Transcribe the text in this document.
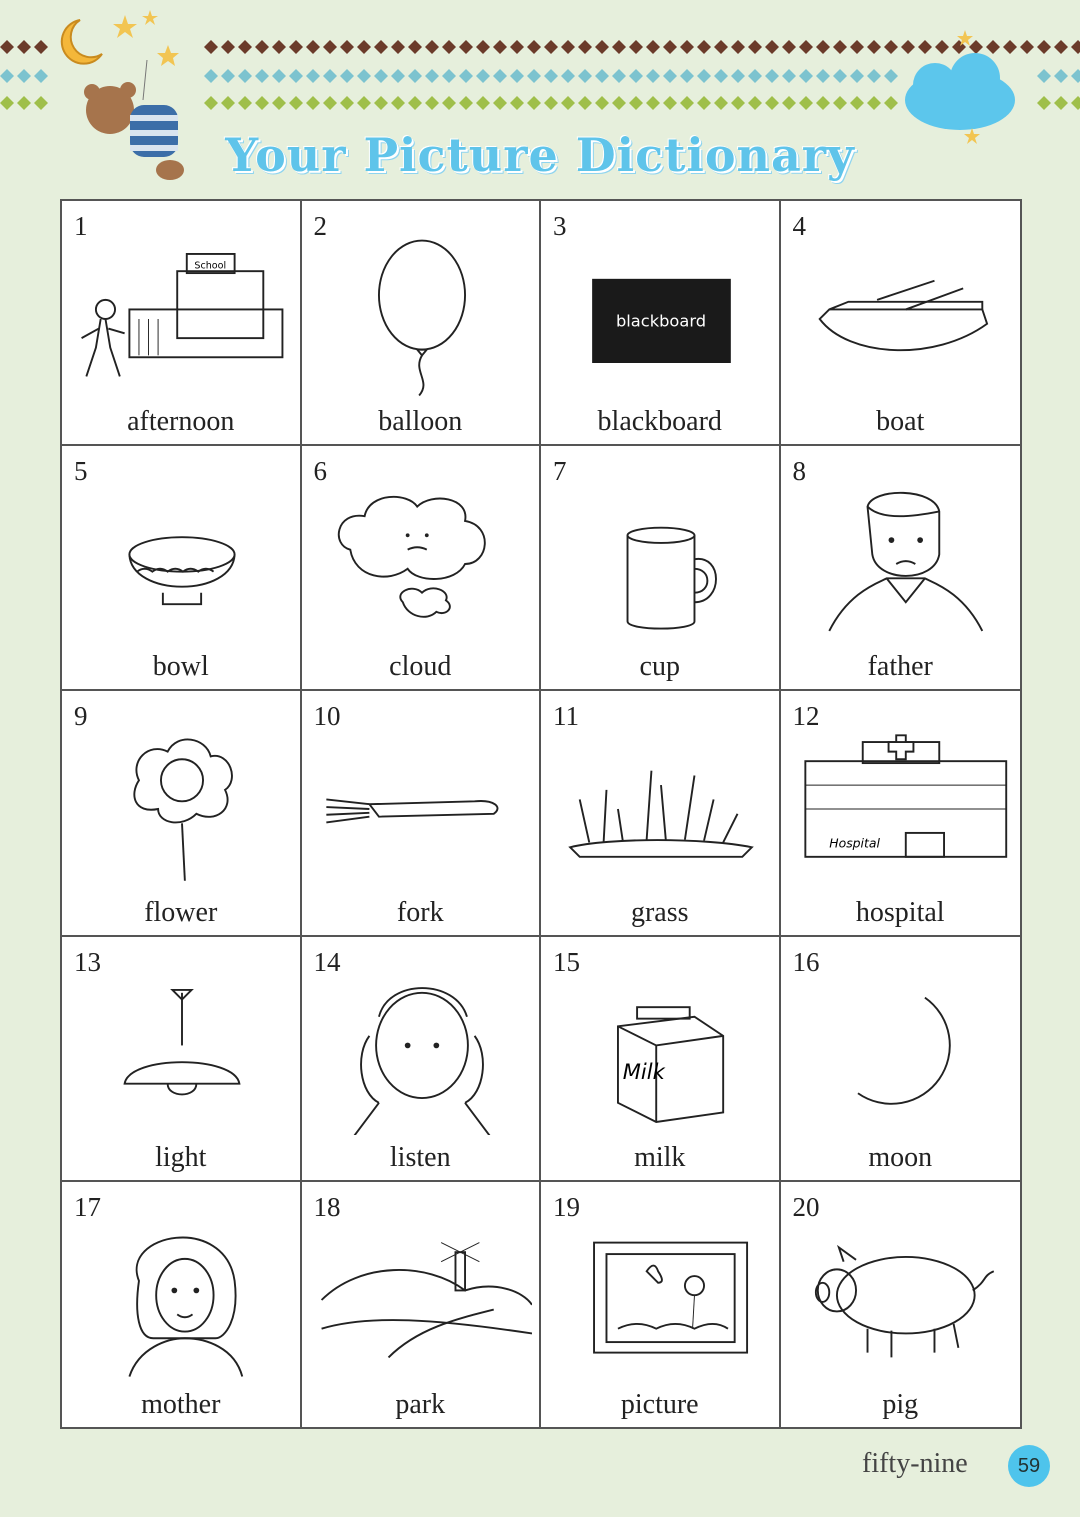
Your Picture Dictionary
1
School
afternoon
2
balloon
3
blackboard
blackboard
4
boat
5
bowl
6
cloud
7
cup
8
father
9
flower
10
fork
11
grass
12
Hospital
hospital
13
light
14
listen
15
Milk
milk
16
moon
17
mother
18
park
19
picture
20
pig
fifty-nine	59
